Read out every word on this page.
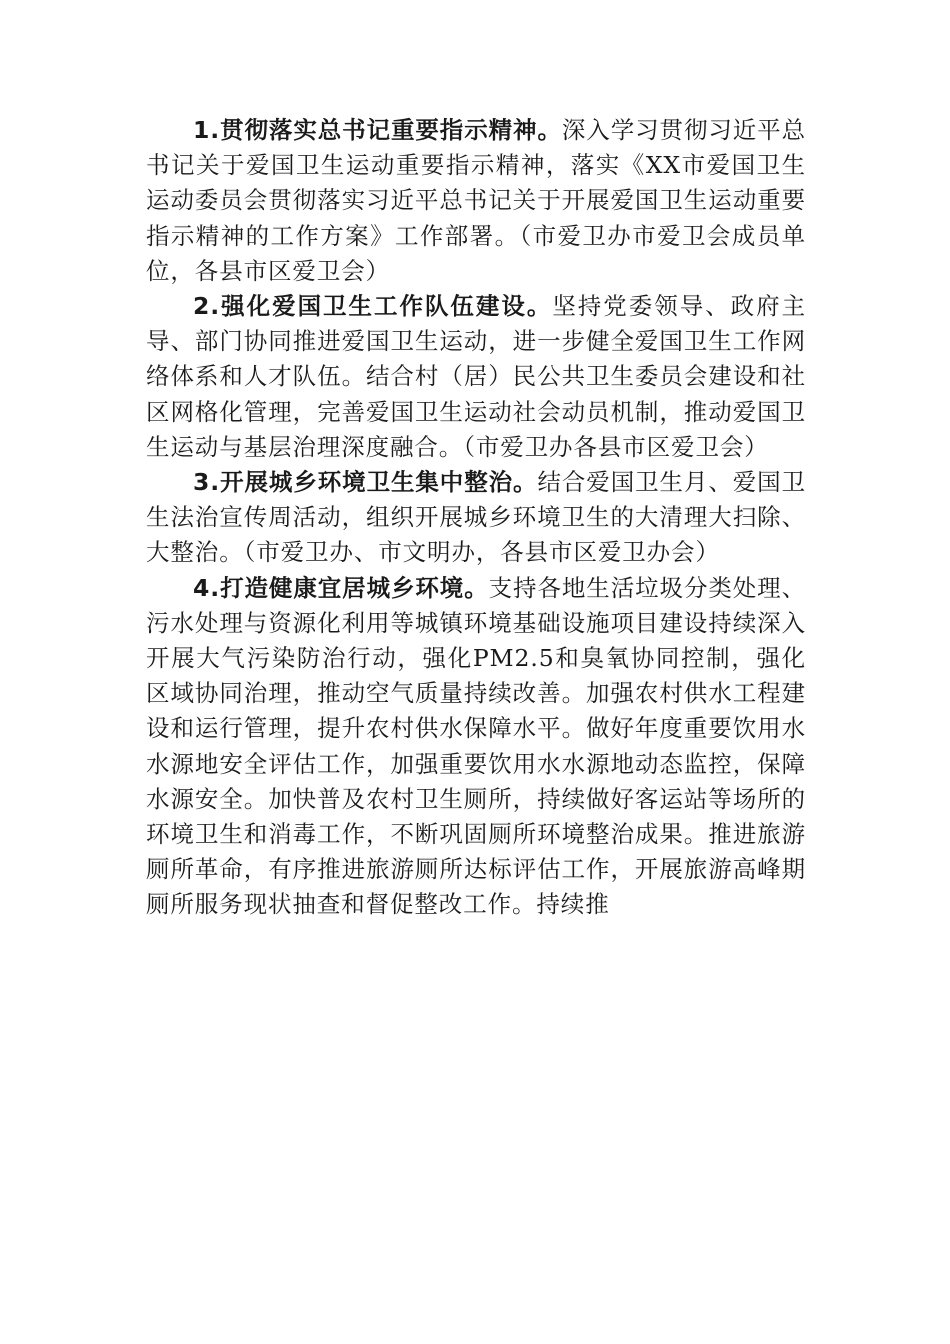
1.贯彻落实总书记重要指示精神。深入学习贯彻习近平总书记关于爱国卫生运动重要指示精神，落实《XX市爱国卫生运动委员会贯彻落实习近平总书记关于开展爱国卫生运动重要指示精神的工作方案》工作部署。（市爱卫办市爱卫会成员单位，各县市区爱卫会）

2.强化爱国卫生工作队伍建设。坚持党委领导、政府主导、部门协同推进爱国卫生运动，进一步健全爱国卫生工作网络体系和人才队伍。结合村（居）民公共卫生委员会建设和社区网格化管理，完善爱国卫生运动社会动员机制，推动爱国卫生运动与基层治理深度融合。（市爱卫办各县市区爱卫会）

3.开展城乡环境卫生集中整治。结合爱国卫生月、爱国卫生法治宣传周活动，组织开展城乡环境卫生的大清理大扫除、大整治。（市爱卫办、市文明办，各县市区爱卫办会）

4.打造健康宜居城乡环境。支持各地生活垃圾分类处理、污水处理与资源化利用等城镇环境基础设施项目建设持续深入开展大气污染防治行动，强化PM2.5和臭氧协同控制，强化区域协同治理，推动空气质量持续改善。加强农村供水工程建设和运行管理，提升农村供水保障水平。做好年度重要饮用水水源地安全评估工作，加强重要饮用水水源地动态监控，保障水源安全。加快普及农村卫生厕所，持续做好客运站等场所的环境卫生和消毒工作，不断巩固厕所环境整治成果。推进旅游厕所革命，有序推进旅游厕所达标评估工作，开展旅游高峰期厕所服务现状抽查和督促整改工作。持续推
